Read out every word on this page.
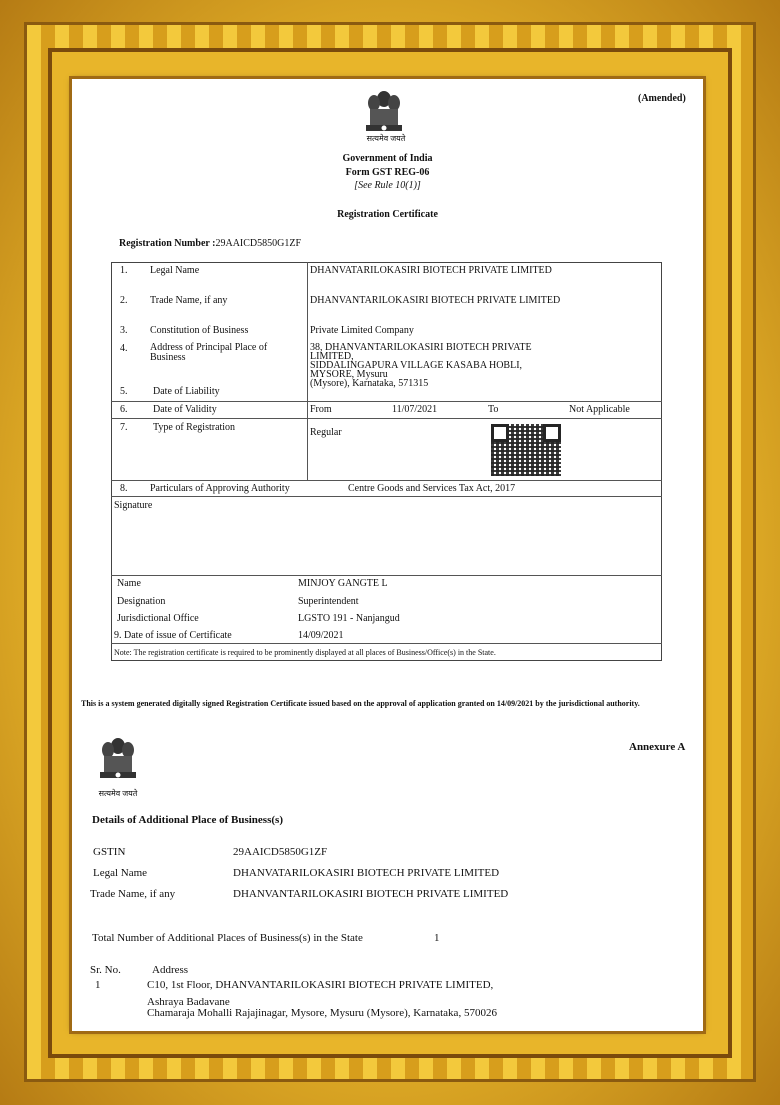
(Amended)
सत्यमेव जयते
Government of India
Form GST REG-06
[See Rule 10(1)]
Registration Certificate
Registration Number :29AAICD5850G1ZF
1. Legal Name	DHANVATARILOKASIRI BIOTECH PRIVATE LIMITED
2. Trade Name, if any	DHANVANTARILOKASIRI BIOTECH PRIVATE LIMITED
3. Constitution of Business	Private Limited Company
4. Address of Principal Place of Business
38, DHANVANTARILOKASIRI BIOTECH PRIVATE
LIMITED,
SIDDALINGAPURA VILLAGE KASABA HOBLI,
MYSORE, Mysuru
(Mysore), Karnataka, 571315
5.	Date of Liability
6.	Date of Validity	From	11/07/2021	To	Not Applicable
7.	Type of Registration	Regular
8. Particulars of Approving Authority	Centre Goods and Services Tax Act, 2017
Signature
Name	MINJOY GANGTE L
Designation	Superintendent
Jurisdictional Office	LGSTO 191 - Nanjangud
9. Date of issue of Certificate	14/09/2021
Note: The registration certificate is required to be prominently displayed at all places of Business/Office(s) in the State.
This is a system generated digitally signed Registration Certificate issued based on the approval of application granted on 14/09/2021 by the jurisdictional authority.
सत्यमेव जयते
Annexure A
Details of Additional Place of Business(s)
GSTIN	29AAICD5850G1ZF
Legal Name	DHANVATARILOKASIRI BIOTECH PRIVATE LIMITED
Trade Name, if any	DHANVANTARILOKASIRI BIOTECH PRIVATE LIMITED
Total Number of Additional Places of Business(s) in the State	1
Sr. No.	Address
1	C10, 1st Floor, DHANVANTARILOKASIRI BIOTECH PRIVATE LIMITED,
Ashraya Badavane
Chamaraja Mohalli Rajajinagar, Mysore, Mysuru (Mysore), Karnataka, 570026
